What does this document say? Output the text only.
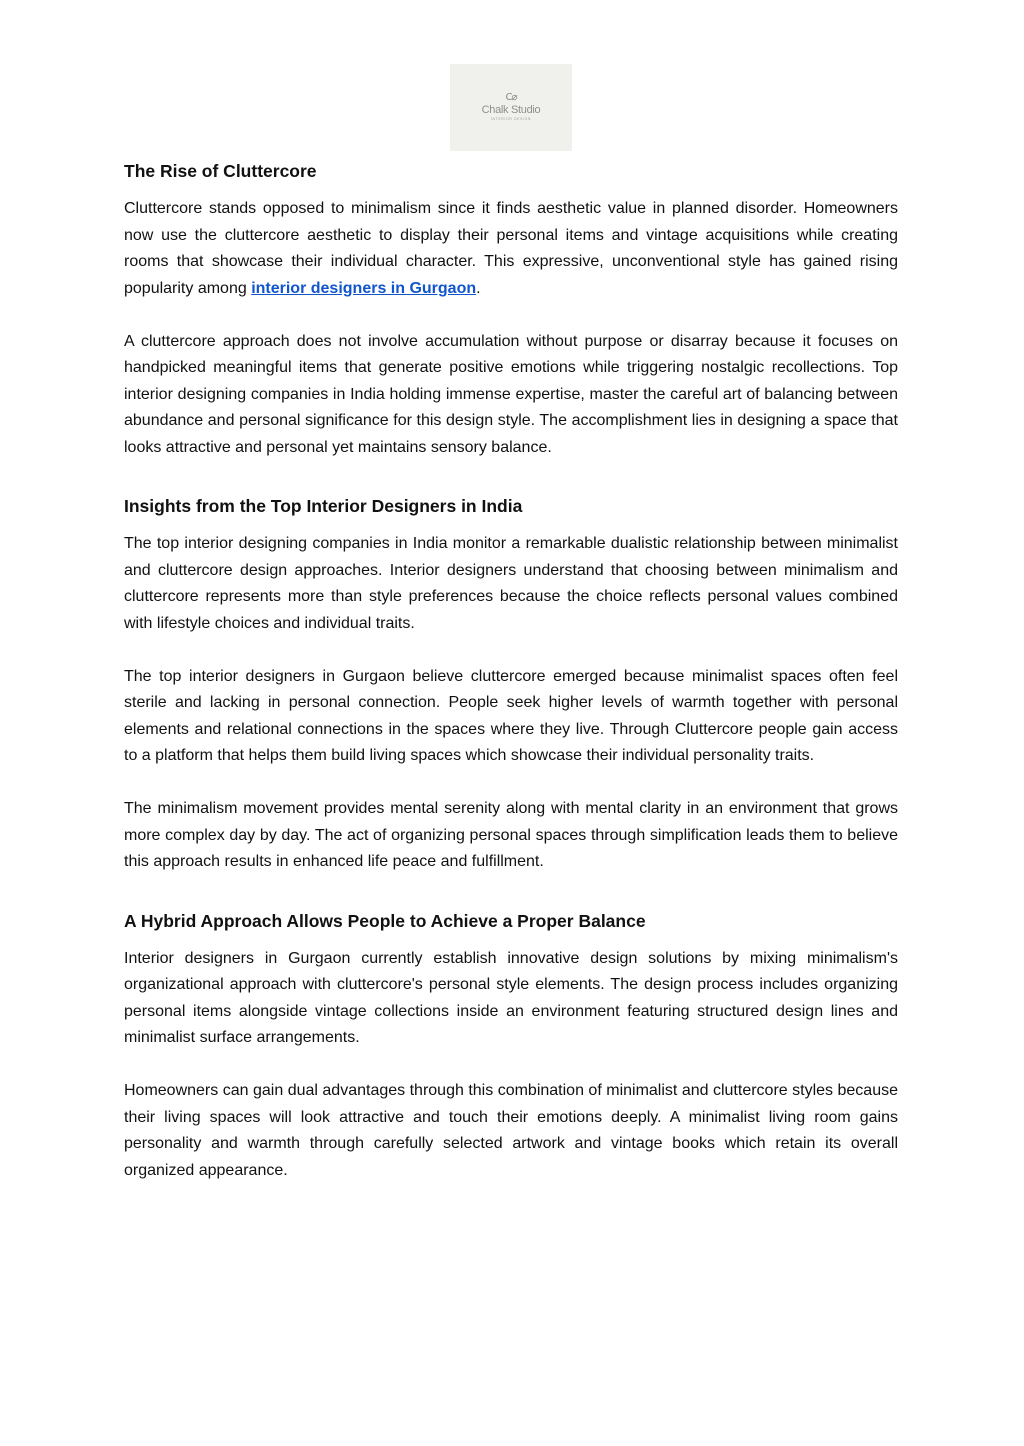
C⌀
Chalk Studio
INTERIOR DESIGN
The Rise of Cluttercore

Cluttercore stands opposed to minimalism since it finds aesthetic value in planned disorder. Homeowners now use the cluttercore aesthetic to display their personal items and vintage acquisitions while creating rooms that showcase their individual character. This expressive, unconventional style has gained rising popularity among interior designers in Gurgaon.

A cluttercore approach does not involve accumulation without purpose or disarray because it focuses on handpicked meaningful items that generate positive emotions while triggering nostalgic recollections. Top interior designing companies in India holding immense expertise, master the careful art of balancing between abundance and personal significance for this design style. The accomplishment lies in designing a space that looks attractive and personal yet maintains sensory balance.

Insights from the Top Interior Designers in India

The top interior designing companies in India monitor a remarkable dualistic relationship between minimalist and cluttercore design approaches. Interior designers understand that choosing between minimalism and cluttercore represents more than style preferences because the choice reflects personal values combined with lifestyle choices and individual traits.

The top interior designers in Gurgaon believe cluttercore emerged because minimalist spaces often feel sterile and lacking in personal connection. People seek higher levels of warmth together with personal elements and relational connections in the spaces where they live. Through Cluttercore people gain access to a platform that helps them build living spaces which showcase their individual personality traits.

The minimalism movement provides mental serenity along with mental clarity in an environment that grows more complex day by day. The act of organizing personal spaces through simplification leads them to believe this approach results in enhanced life peace and fulfillment.

A Hybrid Approach Allows People to Achieve a Proper Balance

Interior designers in Gurgaon currently establish innovative design solutions by mixing minimalism's organizational approach with cluttercore's personal style elements. The design process includes organizing personal items alongside vintage collections inside an environment featuring structured design lines and minimalist surface arrangements.

Homeowners can gain dual advantages through this combination of minimalist and cluttercore styles because their living spaces will look attractive and touch their emotions deeply. A minimalist living room gains personality and warmth through carefully selected artwork and vintage books which retain its overall organized appearance.
